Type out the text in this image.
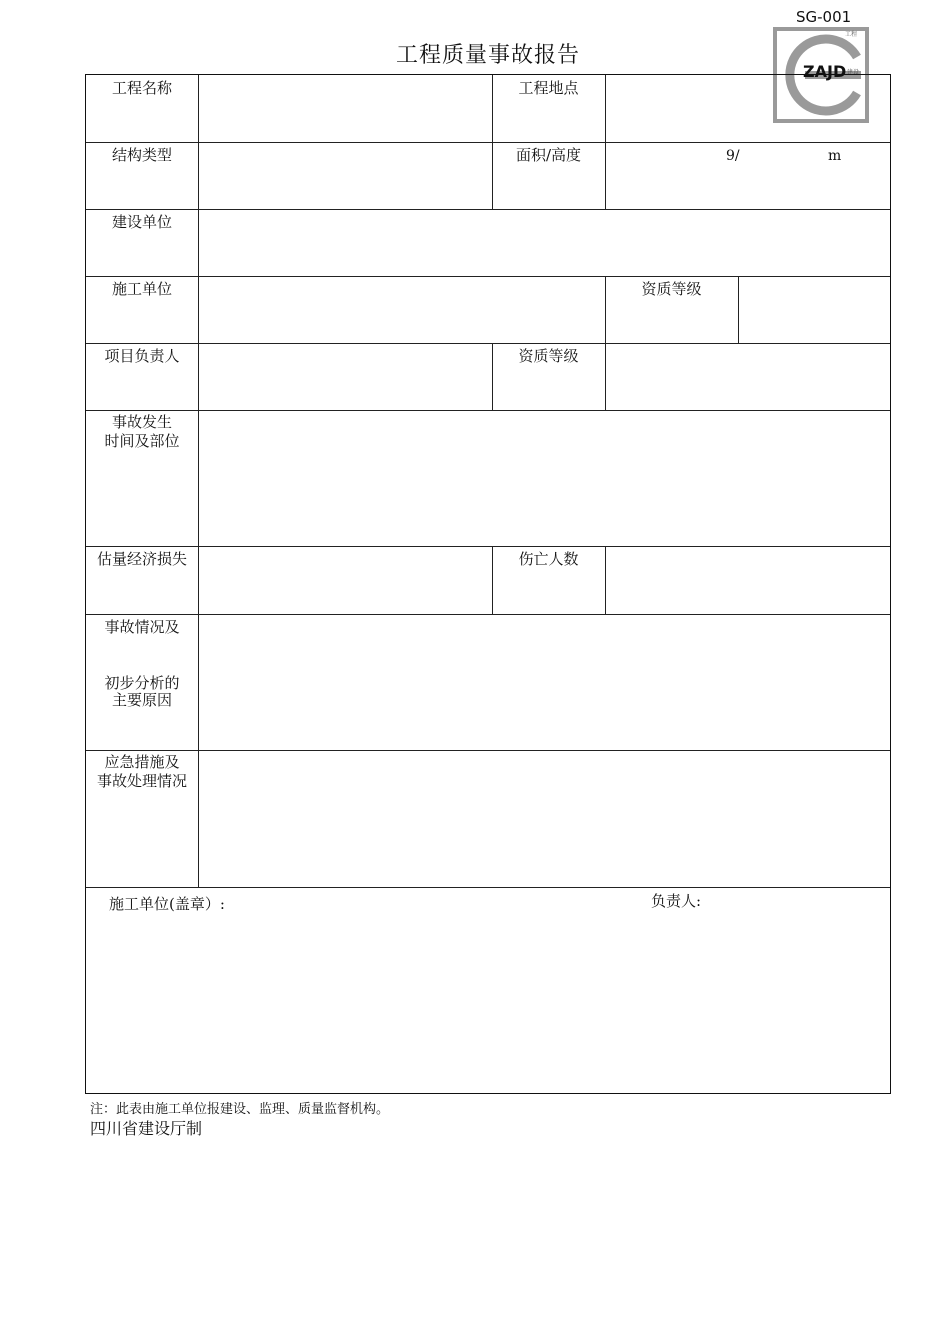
SG-001
工程质量事故报告
ZAJD
工程
建设
工程名称	工程地点
结构类型	面积/高度	9/	m
建设单位
施工单位	资质等级
项目负责人	资质等级
事故发生
时间及部位
估量经济损失	伤亡人数
事故情况及
初步分析的
主要原因
应急措施及
事故处理情况
施工单位(盖章）:	负责人:
注：此表由施工单位报建设、监理、质量监督机构。
四川省建设厅制
